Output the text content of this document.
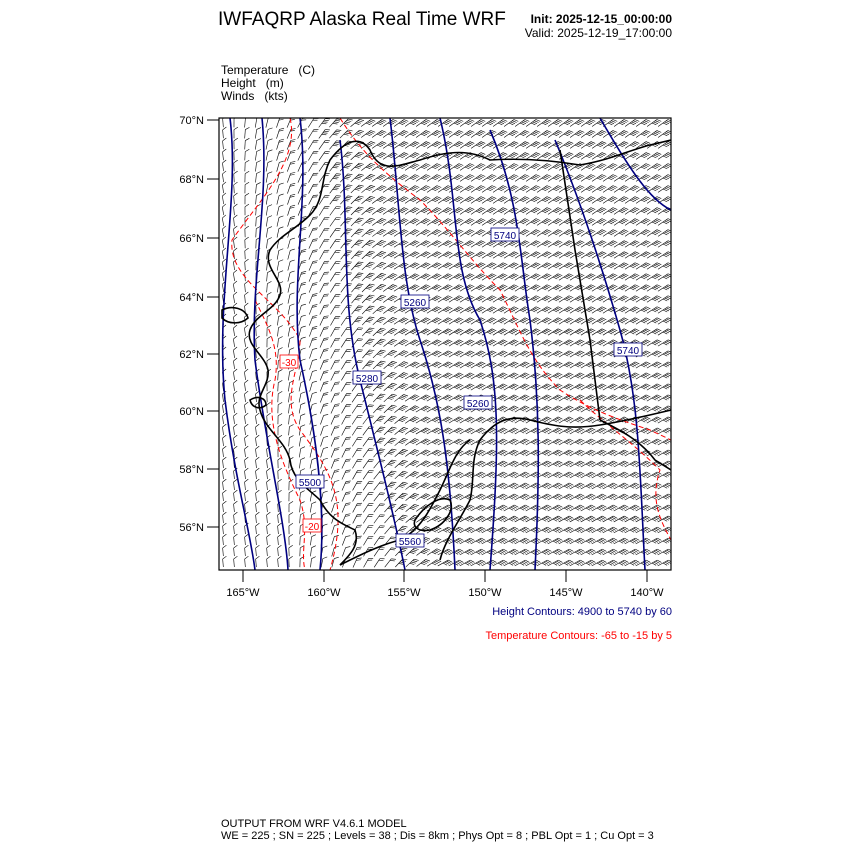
IWFAQRP Alaska Real Time WRF Init: 2025-12-15_00:00:00
Valid: 2025-12-19_17:00:00
Temperature (C)
Height (m)
Winds (kts)
5740
5260
5740
5280
5260
5500
5560
-30
-20
70°N
68°N
66°N
64°N
62°N
60°N
58°N
56°N
165°W	160°W	155°W	150°W	145°W	140°W
Height Contours: 4900 to 5740 by 60
Temperature Contours: -65 to -15 by 5
OUTPUT FROM WRF V4.6.1 MODEL
WE = 225 ; SN = 225 ; Levels = 38 ; Dis = 8km ; Phys Opt = 8 ; PBL Opt = 1 ; Cu Opt = 3
